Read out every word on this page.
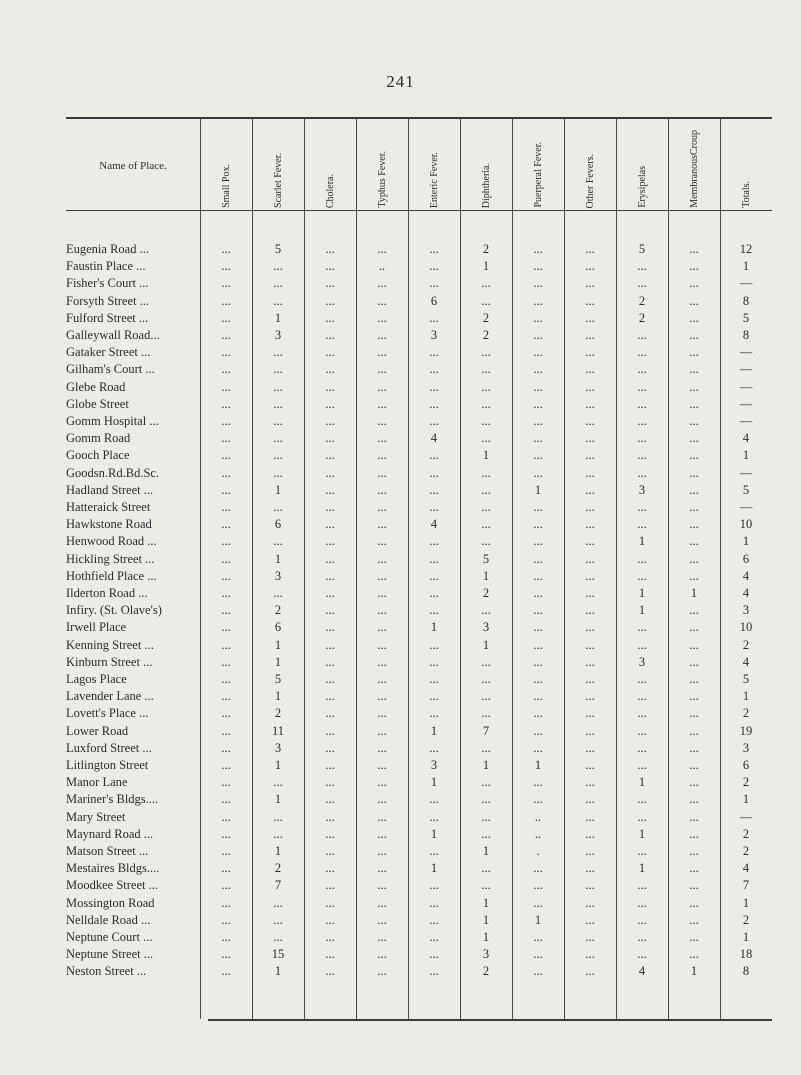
241
Name of Place.	Small Pox.	Scarlet Fever.	Cholera.	Typhus Fever.	Enteric Fever.	Diphtheria.	Puerperal Fever.	Other Fevers.	Erysipelas	MembranousCroup	Totals.
Eugenia Road ...	...	5	...	...	...	2	...	...	5	...	12
Faustin Place ...	...	...	...	..	...	1	...	...	...	...	1
Fisher's Court ...	...	...	...	...	...	...	...	...	...	...	—
Forsyth Street ...	...	...	...	...	6	...	...	...	2	...	8
Fulford Street ...	...	1	...	...	...	2	...	...	2	...	5
Galleywall Road...	...	3	...	...	3	2	...	...	...	...	8
Gataker Street ...	...	...	...	...	...	...	...	...	...	...	—
Gilham's Court ...	...	...	...	...	...	...	...	...	...	...	—
Glebe Road	...	...	...	...	...	...	...	...	...	...	—
Globe Street	...	...	...	...	...	...	...	...	...	...	—
Gomm Hospital ...	...	...	...	...	...	...	...	...	...	...	—
Gomm Road	...	...	...	...	4	...	...	...	...	...	4
Gooch Place	...	...	...	...	...	1	...	...	...	...	1
Goodsn.Rd.Bd.Sc.	...	...	...	...	...	...	...	...	...	...	—
Hadland Street ...	...	1	...	...	...	...	1	...	3	...	5
Hatteraick Street	...	...	...	...	...	...	...	...	...	...	—
Hawkstone Road	...	6	...	...	4	...	...	...	...	...	10
Henwood Road ...	...	...	...	...	...	...	...	...	1	...	1
Hickling Street ...	...	1	...	...	...	5	...	...	...	...	6
Hothfield Place ...	...	3	...	...	...	1	...	...	...	...	4
Ilderton Road ...	...	...	...	...	...	2	...	...	1	1	4
Infiry. (St. Olave's)	...	2	...	...	...	...	...	...	1	...	3
Irwell Place	...	6	...	...	1	3	...	...	...	...	10
Kenning Street ...	...	1	...	...	...	1	...	...	...	...	2
Kinburn Street ...	...	1	...	...	...	...	...	...	3	...	4
Lagos Place	...	5	...	...	...	...	...	...	...	...	5
Lavender Lane ...	...	1	...	...	...	...	...	...	...	...	1
Lovett's Place ...	...	2	...	...	...	...	...	...	...	...	2
Lower Road	...	11	...	...	1	7	...	...	...	...	19
Luxford Street ...	...	3	...	...	...	...	...	...	...	...	3
Litlington Street	...	1	...	...	3	1	1	...	...	...	6
Manor Lane	...	...	...	...	1	...	...	...	1	...	2
Mariner's Bldgs....	...	1	...	...	...	...	...	...	...	...	1
Mary Street	...	...	...	...	...	...	..	...	...	...	—
Maynard Road ...	...	...	...	...	1	...	..	...	1	...	2
Matson Street ...	...	1	...	...	...	1	.	...	...	...	2
Mestaires Bldgs....	...	2	...	...	1	...	...	...	1	...	4
Moodkee Street ...	...	7	...	...	...	...	...	...	...	...	7
Mossington Road	...	...	...	...	...	1	...	...	...	...	1
Nelldale Road ...	...	...	...	...	...	1	1	...	...	...	2
Neptune Court ...	...	...	...	...	...	1	...	...	...	...	1
Neptune Street ...	...	15	...	...	...	3	...	...	...	...	18
Neston Street ...	...	1	...	...	...	2	...	...	4	1	8
